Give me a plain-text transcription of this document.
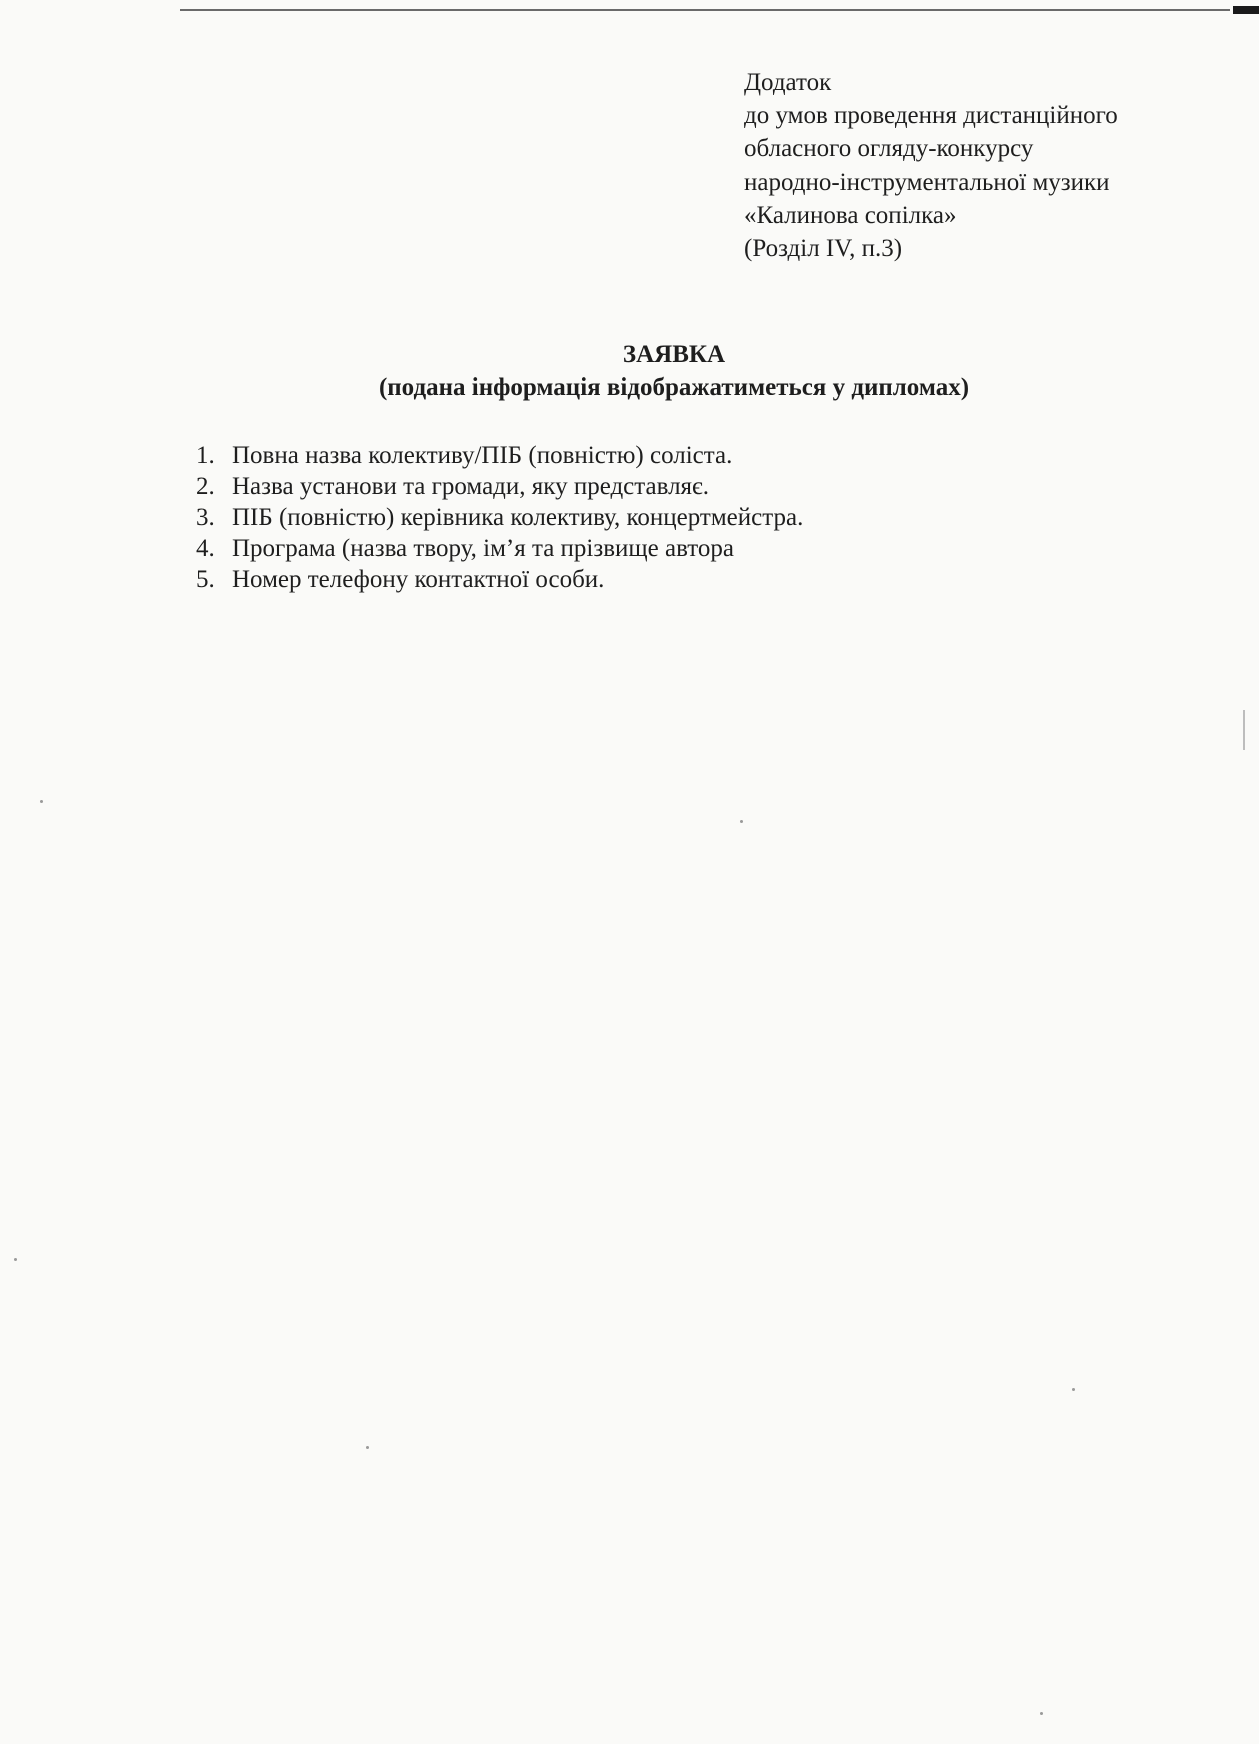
Додаток
до умов проведення дистанційного
обласного огляду-конкурсу
народно-інструментальної музики
«Калинова сопілка»
(Розділ IV, п.3)
ЗАЯВКА
(подана інформація відображатиметься у дипломах)
1. Повна назва колективу/ПІБ (повністю) соліста.
2. Назва установи та громади, яку представляє.
3. ПІБ (повністю) керівника колективу, концертмейстра.
4. Програма (назва твору, ім’я та прізвище автора
5. Номер телефону контактної особи.
